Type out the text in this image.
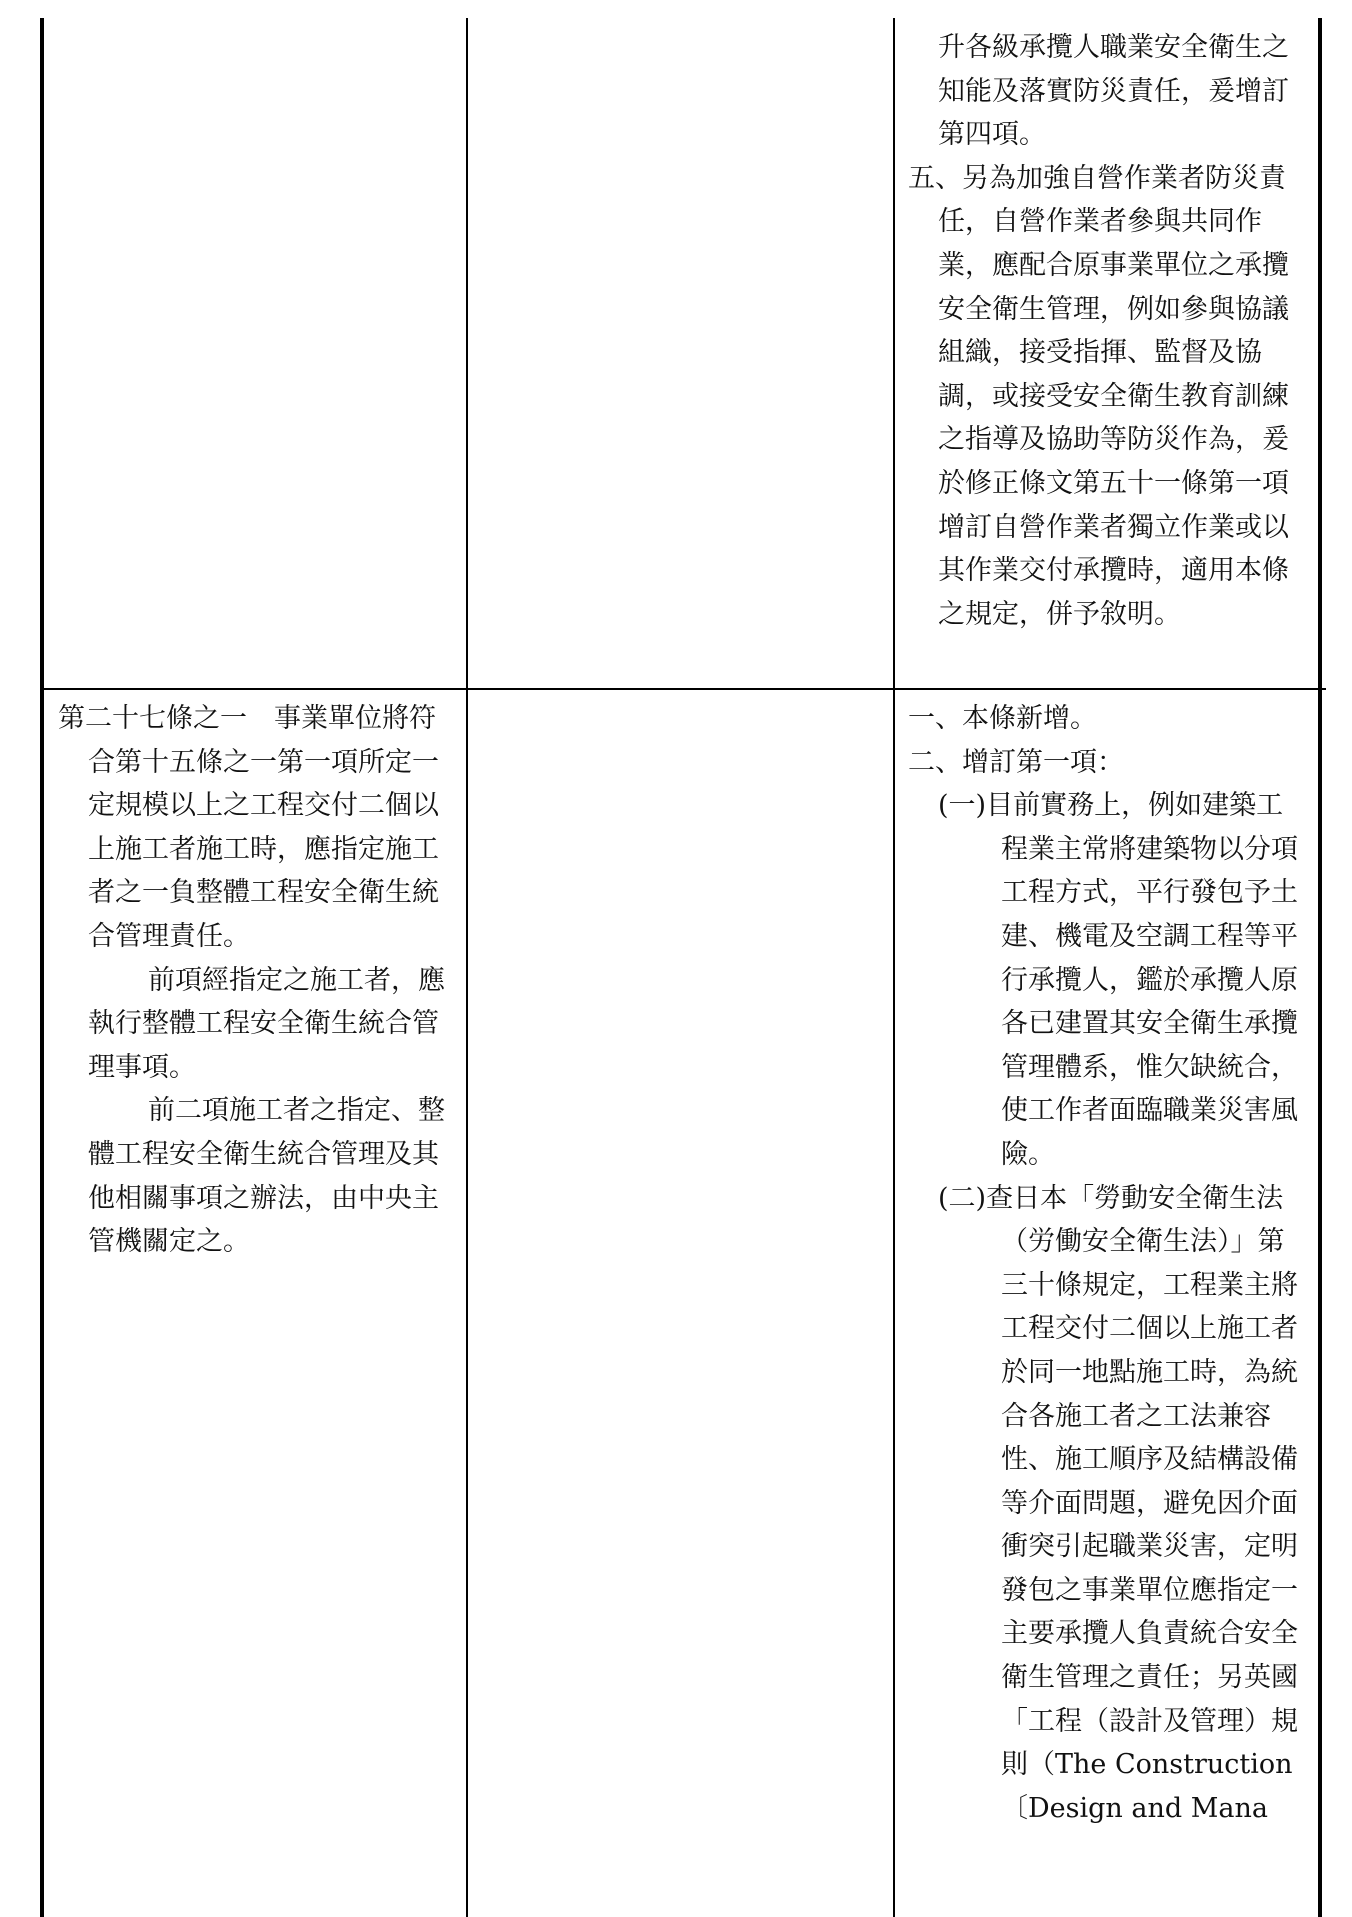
升各級承攬人職業安全衛生之知能及落實防災責任，爰增訂第四項。

五、另為加強自營作業者防災責任，自營作業者參與共同作業，應配合原事業單位之承攬安全衛生管理，例如參與協議組織，接受指揮、監督及協調，或接受安全衛生教育訓練之指導及協助等防災作為，爰於修正條文第五十一條第一項增訂自營作業者獨立作業或以其作業交付承攬時，適用本條之規定，併予敘明。

第二十七條之一　事業單位將符合第十五條之一第一項所定一定規模以上之工程交付二個以上施工者施工時，應指定施工者之一負整體工程安全衛生統合管理責任。

前項經指定之施工者，應執行整體工程安全衛生統合管理事項。

前二項施工者之指定、整體工程安全衛生統合管理及其他相關事項之辦法，由中央主管機關定之。

一、本條新增。

二、增訂第一項：

(一)目前實務上，例如建築工程業主常將建築物以分項工程方式，平行發包予土建、機電及空調工程等平行承攬人，鑑於承攬人原各已建置其安全衛生承攬管理體系，惟欠缺統合，使工作者面臨職業災害風險。

(二)查日本「勞動安全衛生法（労働安全衛生法）」第三十條規定，工程業主將工程交付二個以上施工者於同一地點施工時，為統合各施工者之工法兼容性、施工順序及結構設備等介面問題，避免因介面衝突引起職業災害，定明發包之事業單位應指定一主要承攬人負責統合安全衛生管理之責任；另英國「工程（設計及管理）規則（The Construction〔Design and Mana
